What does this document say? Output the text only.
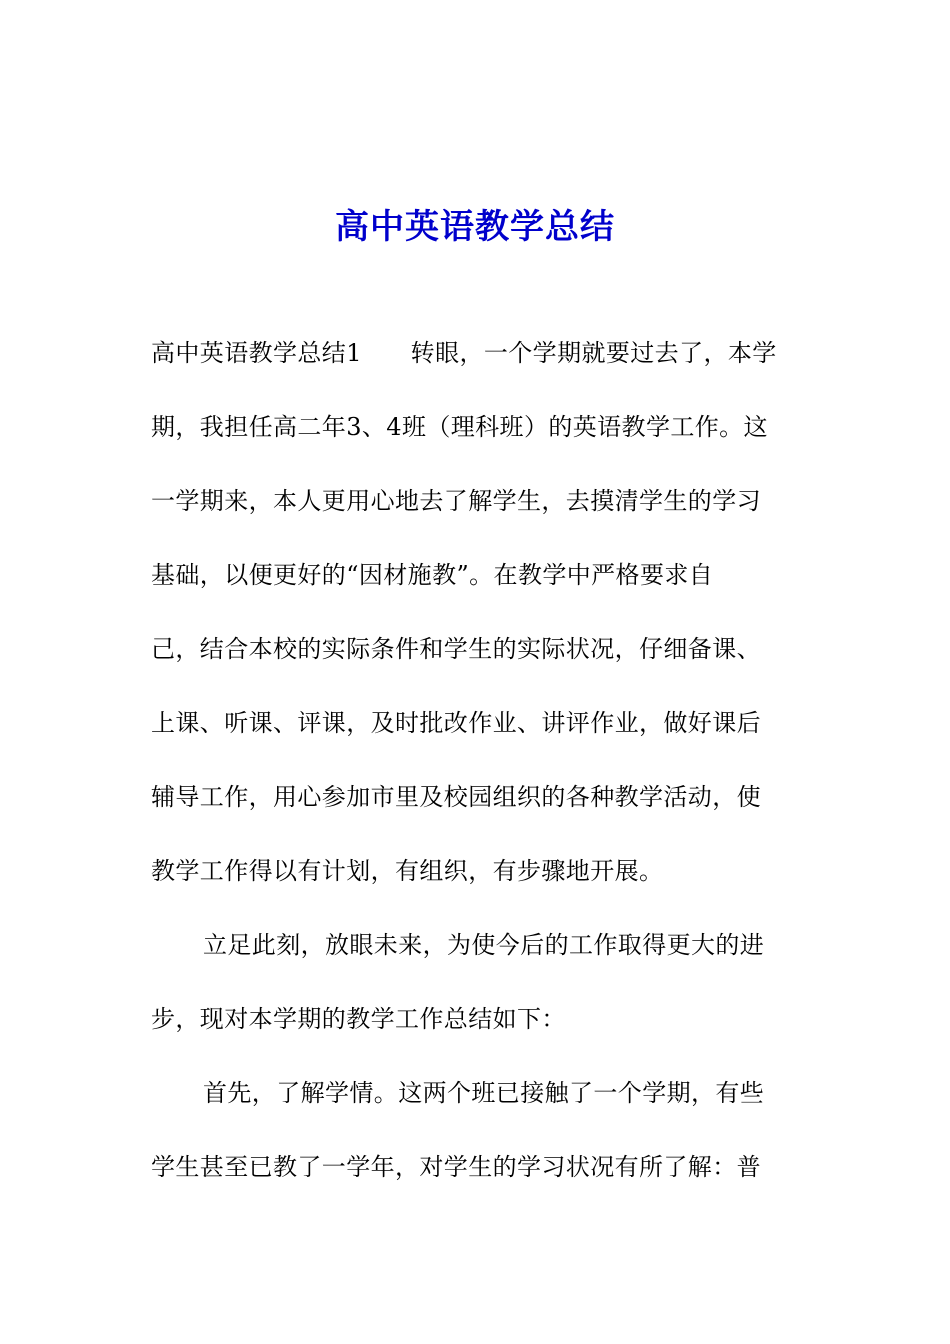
高中英语教学总结
高中英语教学总结1　　转眼，一个学期就要过去了，本学
期，我担任高二年3、4班（理科班）的英语教学工作。这
一学期来，本人更用心地去了解学生，去摸清学生的学习
基础，以便更好的“因材施教”。在教学中严格要求自
己，结合本校的实际条件和学生的实际状况，仔细备课、
上课、听课、评课，及时批改作业、讲评作业，做好课后
辅导工作，用心参加市里及校园组织的各种教学活动，使
教学工作得以有计划，有组织，有步骤地开展。
立足此刻，放眼未来，为使今后的工作取得更大的进
步，现对本学期的教学工作总结如下：
首先，了解学情。这两个班已接触了一个学期，有些
学生甚至已教了一学年，对学生的学习状况有所了解：普
